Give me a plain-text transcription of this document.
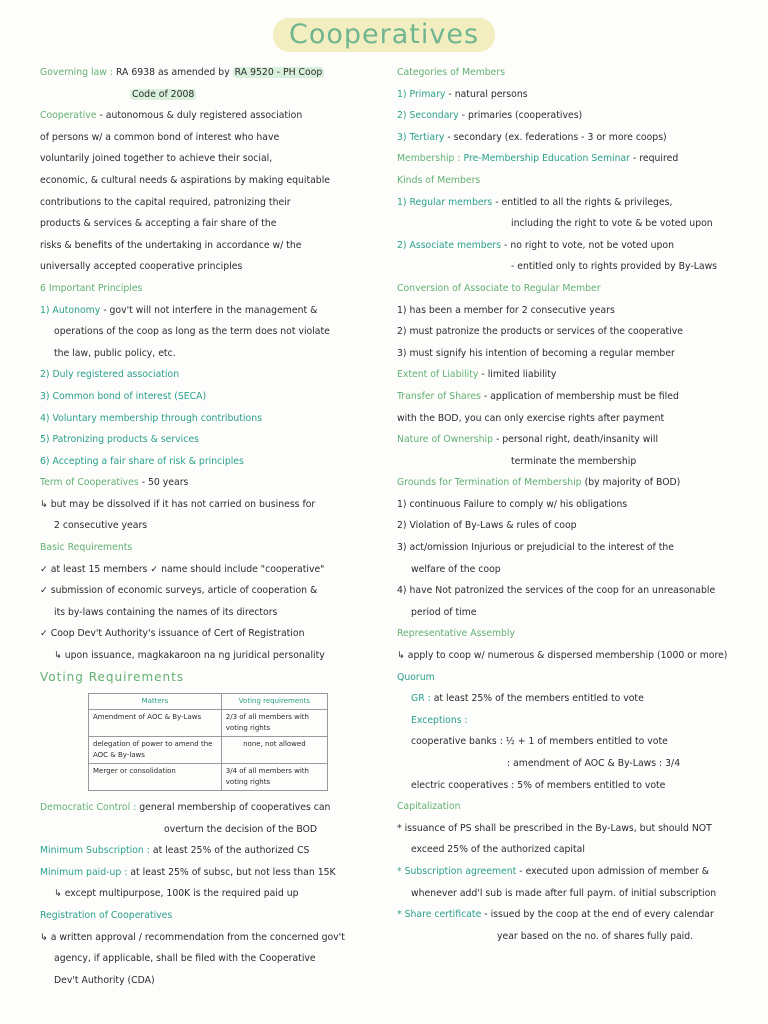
Cooperatives
Governing law : RA 6938 as amended by RA 9520 - PH Coop
Code of 2008
Cooperative - autonomous & duly registered association
of persons w/ a common bond of interest who have
voluntarily joined together to achieve their social,
economic, & cultural needs & aspirations by making equitable
contributions to the capital required, patronizing their
products & services & accepting a fair share of the
risks & benefits of the undertaking in accordance w/ the
universally accepted cooperative principles
6 Important Principles
1) Autonomy - gov't will not interfere in the management &
operations of the coop as long as the term does not violate
the law, public policy, etc.
2) Duly registered association
3) Common bond of interest (SECA)
4) Voluntary membership through contributions
5) Patronizing products & services
6) Accepting a fair share of risk & principles
Term of Cooperatives - 50 years
↳ but may be dissolved if it has not carried on business for
2 consecutive years
Basic Requirements
✓ at least 15 members ✓ name should include "cooperative"
✓ submission of economic surveys, article of cooperation &
its by-laws containing the names of its directors
✓ Coop Dev't Authority's issuance of Cert of Registration
↳ upon issuance, magkakaroon na ng juridical personality
Voting Requirements
Matters	Voting requirements
Amendment of AOC & By-Laws	2/3 of all members with voting rights
delegation of power to amend the AOC & By-laws	none, not allowed
Merger or consolidation	3/4 of all members with voting rights
Democratic Control : general membership of cooperatives can
overturn the decision of the BOD
Minimum Subscription : at least 25% of the authorized CS
Minimum paid-up : at least 25% of subsc, but not less than 15K
↳ except multipurpose, 100K is the required paid up
Registration of Cooperatives
↳ a written approval / recommendation from the concerned gov't
agency, if applicable, shall be filed with the Cooperative
Dev't Authority (CDA)
Categories of Members
1) Primary - natural persons
2) Secondary - primaries (cooperatives)
3) Tertiary - secondary (ex. federations - 3 or more coops)
Membership : Pre-Membership Education Seminar - required
Kinds of Members
1) Regular members - entitled to all the rights & privileges,
including the right to vote & be voted upon
2) Associate members - no right to vote, not be voted upon
- entitled only to rights provided by By-Laws
Conversion of Associate to Regular Member
1) has been a member for 2 consecutive years
2) must patronize the products or services of the cooperative
3) must signify his intention of becoming a regular member
Extent of Liability - limited liability
Transfer of Shares - application of membership must be filed
with the BOD, you can only exercise rights after payment
Nature of Ownership - personal right, death/insanity will
terminate the membership
Grounds for Termination of Membership (by majority of BOD)
1) continuous Failure to comply w/ his obligations
2) Violation of By-Laws & rules of coop
3) act/omission Injurious or prejudicial to the interest of the
welfare of the coop
4) have Not patronized the services of the coop for an unreasonable
period of time
Representative Assembly
↳ apply to coop w/ numerous & dispersed membership (1000 or more)
Quorum
GR : at least 25% of the members entitled to vote
Exceptions :
cooperative banks : ½ + 1 of members entitled to vote
: amendment of AOC & By-Laws : 3/4
electric cooperatives : 5% of members entitled to vote
Capitalization
* issuance of PS shall be prescribed in the By-Laws, but should NOT
exceed 25% of the authorized capital
* Subscription agreement - executed upon admission of member &
whenever add'l sub is made after full paym. of initial subscription
* Share certificate - issued by the coop at the end of every calendar
year based on the no. of shares fully paid.
